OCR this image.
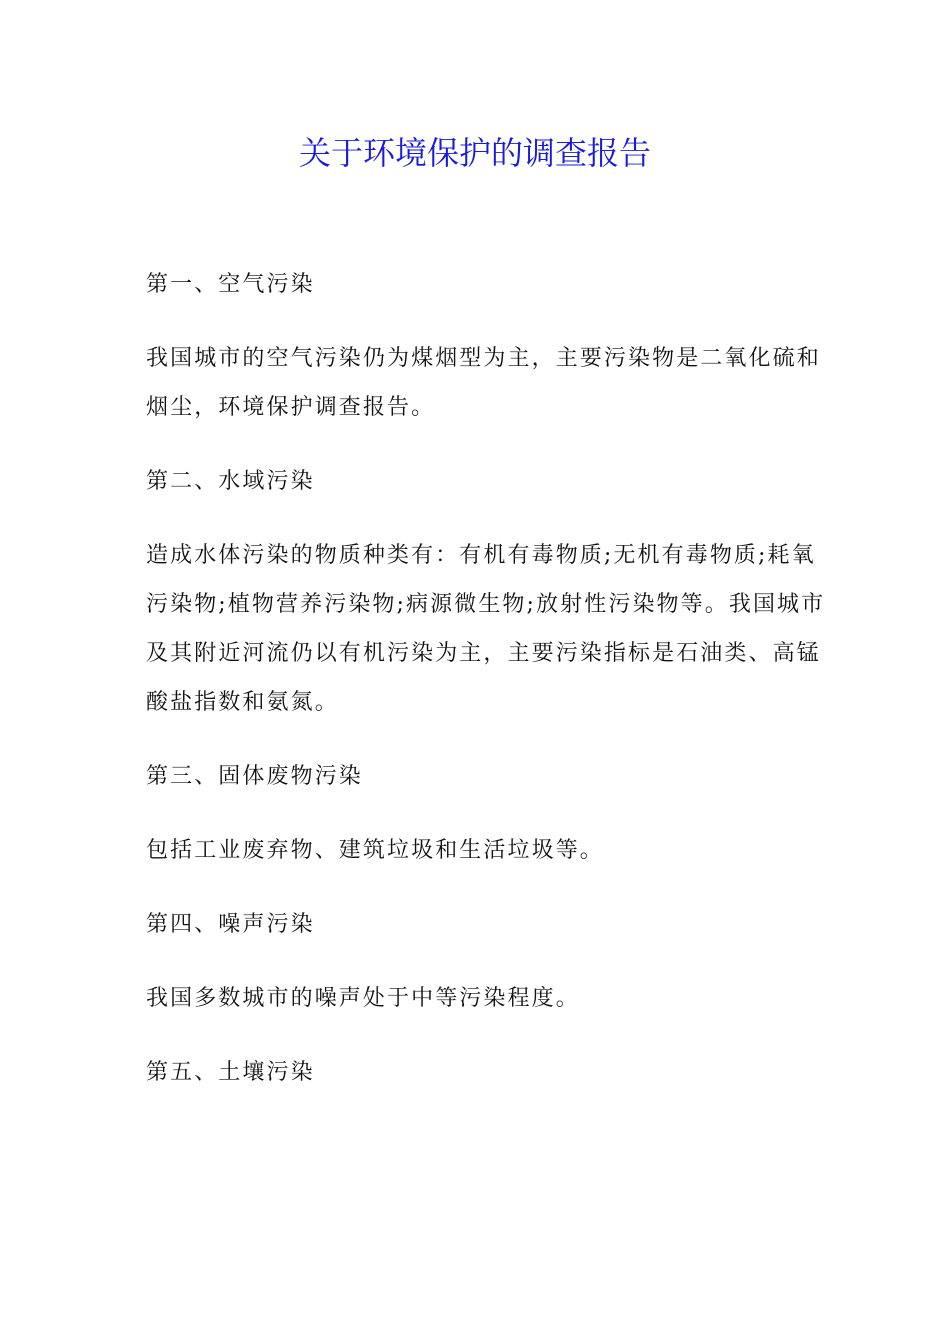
关于环境保护的调查报告

第一、空气污染

我国城市的空气污染仍为煤烟型为主，主要污染物是二氧化硫和烟尘，环境保护调查报告。

第二、水域污染

造成水体污染的物质种类有：有机有毒物质;无机有毒物质;耗氧污染物;植物营养污染物;病源微生物;放射性污染物等。我国城市及其附近河流仍以有机污染为主，主要污染指标是石油类、高锰酸盐指数和氨氮。

第三、固体废物污染

包括工业废弃物、建筑垃圾和生活垃圾等。

第四、噪声污染

我国多数城市的噪声处于中等污染程度。

第五、土壤污染
